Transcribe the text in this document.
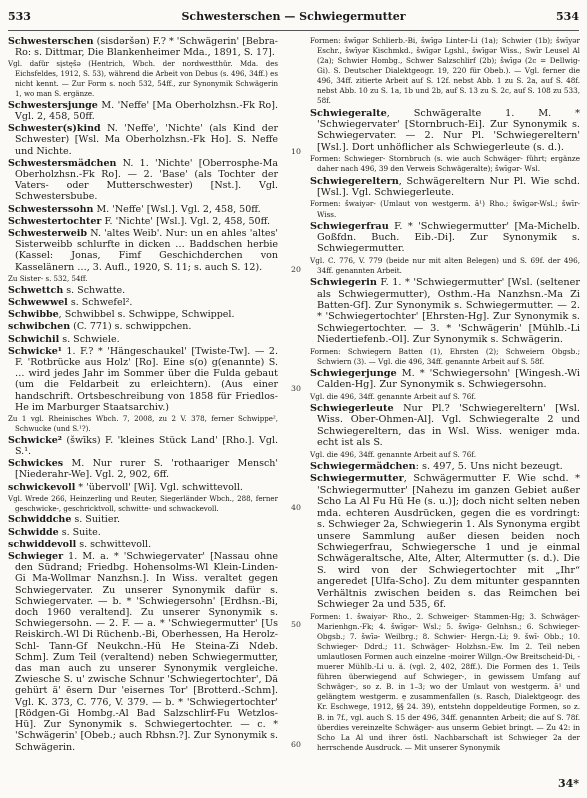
533	Schwesterschen — Schwiegermutter	534

Schwesterschen (sisdəršən) F.? * 'Schwägerin' [Bebra-Ro: s. Dittmar, Die Blankenheimer Mda., 1891, S. 17].

Vgl. dafür sįstęšə (Hentrich, Wbch. der nordwestthür. Mda. des Eichsfeldes, 1912, S. 53), während die Arbeit von Debus (s. 496, 34ff.) es nicht kennt. — Zur Form s. noch 532, 54ff., zur Synonymik Schwägerin 1, wo man S. ergänze.

Schwestersjunge M. 'Neffe' [Ma Oberholzhsn.-Fk Ro]. Vgl. 2, 458, 50ff.

Schwester(s)kind N. 'Neffe', 'Nichte' (als Kind der Schwester) [Wsl. Ma Oberholzhsn.-Fk Ho]. S. Neffe und Nichte.

Schwestersmädchen N. 1. 'Nichte' [Oberrosphe-Ma Oberholzhsn.-Fk Ro]. — 2. 'Base' (als Tochter der Vaters- oder Mutterschwester) [Nst.]. Vgl. Schwestersbube.

Schwesterssohn M. 'Neffe' [Wsl.]. Vgl. 2, 458, 50ff.

Schwestertochter F. 'Nichte' [Wsl.]. Vgl. 2, 458, 50ff.

Schwesterweib N. 'altes Weib'. Nur: un en ahles 'altes' Sisterweibb schlurfte in dicken … Baddschen herbie (Kassel: Jonas, Fimf Geschichderchen von Kasselänern …, 3. Aufl., 1920, S. 11; s. auch S. 12).

Zu Sister- s. 532, 54ff.

Schwettch s. Schwatte.

Schwewwel s. Schwefel².

Schwibbe, Schwibbel s. Schwippe, Schwippel.

schwibchen (C. 771) s. schwippchen.

Schwichil s. Schwiele.

Schwicke¹ 1. F.? * 'Hängeschaukel' [Twiste-Tw]. — 2. F. 'Rotbrücke aus Holz' [Ro]. Eine s(o) g(enannte) S. … wird jedes Jahr im Sommer über die Fulda gebaut (um die Feldarbeit zu erleichtern). (Aus einer handschrift. Ortsbeschreibung von 1858 für Friedlos-He im Marburger Staatsarchiv.)

Zu 1 vgl. Rheinisches Wbch. 7, 2008, zu 2 V. 378, ferner Schwippe², Schwucke (und S.¹?).

Schwicke² (šwīks) F. 'kleines Stück Land' [Rho.]. Vgl. S.¹.

Schwickes M. Nur rurer S. 'rothaariger Mensch' [Niederahr-We]. Vgl. 2, 902, 6ff.

schwickevoll * 'übervoll' [Wi]. Vgl. schwittevoll.

Vgl. Wrede 266, Heinzerling und Reuter, Siegerländer Wbch., 288, ferner geschwicke-, geschricktvoll, schwitte- und schwackevoll.

Schwiddche s. Suitier.

Schwidde s. Suite.

schwiddevoll s. schwittevoll.

Schwieger 1. M. a. * 'Schwiegervater' [Nassau ohne den Südrand; Friedbg. Hohensolms-Wl Klein-Linden-Gi Ma-Wollmar Nanzhsn.]. In Wiss. veraltet gegen Schwiegervater. Zu unserer Synonymik dafür s. Schwiegervater. — b. * 'Schwiegersohn' [Erdhsn.-Bi, doch 1960 veraltend]. Zu unserer Synonymik s. Schwiegersohn. — 2. F. — a. * 'Schwiegermutter' [Us Reiskirch.-Wl Di Rüchenb.-Bi, Oberhessen, Ha Herolz-Schl- Tann-Gf Neukchn.-Hü He Steina-Zi Ndeb. Schm]. Zum Teil (veraltend) neben Schwiegermutter, das man auch zu unserer Synonymik vergleiche. Zwiesche S. u' zwische Schnur 'Schwiegertochter', Dā gehürt ä' ēsern Dur 'eisernes Tor' [Brotterd.-Schm]. Vgl. K. 373, C. 776, V. 379. — b. * 'Schwiegertochter' [Rödgen-Gi Hombg.-Al Bad Salzschlirf-Fu Wetzlos-Hü]. Zur Synonymik s. Schwiegertochter. — c. * 'Schwägerin' [Obeb.; auch Rbhsn.?]. Zur Synonymik s. Schwägerin.

Formen: šwīgər Schlierb.-Bi, šwīgə Linter-Li (1a); Schwier (1b); šwīyər Eschr., šwīyər Kischmkd., šwīgər Lgshl., šwīgər Wiss., Swīr Leusel Al (2a); Schwier Hombg., Schwer Salzschlirf (2b); šwīgə (2c = Dellwig-Gi). S. Deutscher Dialektgeogr. 19, 220 für Obeb.). — Vgl. ferner die 496, 34ff. zitierte Arbeit auf S. 12f. nebst Abb. 1 zu S. 2a, auf S. 48f. nebst Abb. 10 zu S. 1a, 1b und 2b, auf S. 13 zu S. 2c, auf S. 108 zu 533, 58f.

Schwiegeralte, Schwägeralte 1. M. * 'Schwiegervater' [Stornbruch-Ei]. Zur Synonymik s. Schwiegervater. — 2. Nur Pl. 'Schwiegereltern' [Wsl.]. Dort unhöflicher als Schwiegerleute (s. d.).

Formen: Schwieger- Stornbruch (s. wie auch Schwäger- führt; ergänze daher nach 496, 39 den Verweis Schwägeralte); šwīgər- Wsl.

Schwiegereltern, Schwägereltern Nur Pl. Wie schd. [Wsl.]. Vgl. Schwiegerleute.

Formen: šwaiyər- (Umlaut von westgerm. ā¹) Rho.; šwīgər-Wsl.; šwīr- Wiss.

Schwiegerfrau F. * 'Schwiegermutter' [Ma-Michelb. Goßfdn. Buch. Eib.-Di]. Zur Synonymik s. Schwiegermutter.

Vgl. C. 776, V. 779 (beide nur mit alten Belegen) und S. 69f. der 496, 34ff. genannten Arbeit.

Schwiegerin F. 1. * 'Schwiegermutter' [Wsl. (seltener als Schwiegermutter), Osthm.-Ha Nanzhsn.-Ma Zi Batten-Gf]. Zur Synonymik s. Schwiegermutter. — 2. * 'Schwiegertochter' [Ehrsten-Hg]. Zur Synonymik s. Schwiegertochter. — 3. * 'Schwägerin' [Mühlb.-Li Niedertiefenb.-Ol]. Zur Synonymik s. Schwägerin.

Formen: Schwiegern Batten (1), Ehrsten (2); Schweiern Obgsb.; Schwiern (3). — Vgl. die 496, 34ff. genannte Arbeit auf S. 58f.

Schwiegerjunge M. * 'Schwiegersohn' [Wingesh.-Wi Calden-Hg]. Zur Synonymik s. Schwiegersohn.

Vgl. die 496, 34ff. genannte Arbeit auf S. 76f.

Schwiegerleute Nur Pl.? 'Schwiegereltern' [Wsl. Wiss. Ober-Ohmen-Al]. Vgl. Schwiegeralte 2 und Schwiegereltern, das in Wsl. Wiss. weniger mda. echt ist als S.

Vgl. die 496, 34ff. genannte Arbeit auf S. 76f.

Schwiegermädchen: s. 497, 5. Uns nicht bezeugt.

Schwiegermutter, Schwägermutter F. Wie schd. * 'Schwiegermutter' [Nahezu im ganzen Gebiet außer Scho La Al Fu Hü He (s. u.)]; doch nicht selten neben mda. echteren Ausdrücken, gegen die es vordringt: s. Schwieger 2a, Schwiegerin 1. Als Synonyma ergibt unsere Sammlung außer diesen beiden noch Schwiegerfrau, Schwiegersche 1 und je einmal Schwägeraltsche, Alte, Alter, Altermutter (s. d.). Die S. wird von der Schwiegertochter mit „Ihr“ angeredet [Ulfa-Scho]. Zu dem mitunter gespannten Verhältnis zwischen beiden s. das Reimchen bei Schwieger 2a und 535, 6f.

Formen: 1. šwaiyər- Rho., 2. Schweiger- Stammen-Hg; 3. Schwäger- Marienhgn.-Fk; 4. šwīgər- Wsl.; 5. šwīgə- Gelnhsn.; 6. Schwieger- Obgsb.; 7. šwīə- Weilbrg.; 8. Schwier- Hergn.-Li; 9. šwī- Obb.; 10. Schwieger- Ddrd.; 11. Schwäger- Holzhsn.-Ew. Im 2. Teil neben umlautlosen Formen auch einzelne -moirer Willgn.-Ow Breitscheid-Di, -muerer Mühlb.-Li u. ä. (vgl. 2, 402, 28ff.). Die Formen des 1. Teils führen überwiegend auf Schwieger-, in gewissem Umfang auf Schwäger-, so z. B. in 1–3; wo der Umlaut von westgerm. ā¹ und gelängtem westgerm. ẹ zusammenfallen (s. Rasch, Dialektgeogr. des Kr. Eschwege, 1912, §§ 24. 39), entstehn doppeldeutige Formen, so z. B. in 7f., vgl. auch S. 15 der 496, 34ff. genannten Arbeit; die auf S. 78f. überdies vereinzelte Schwäger- aus unserm Gebiet bringt. — Zu 42: in Scho La Al und ihrer östl. Nachbarschaft ist Schwieger 2a der herrschende Ausdruck. — Mit unserer Synonymik

10
20
30
40
50
60
34*
